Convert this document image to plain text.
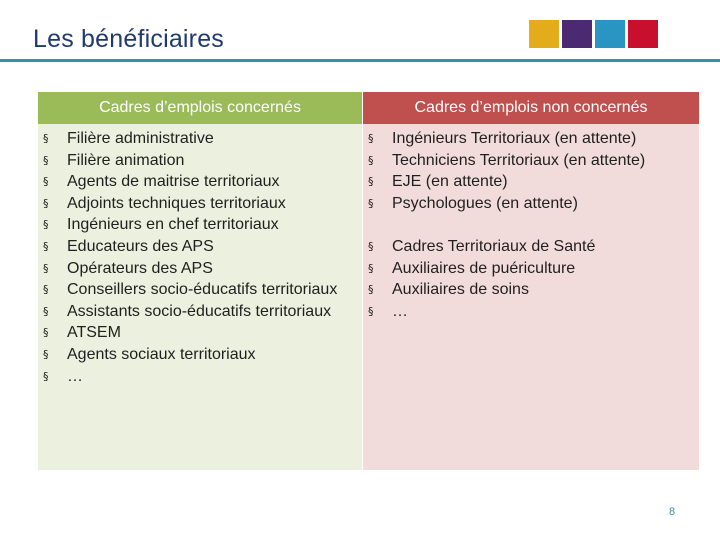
Les bénéficiaires
Cadres d’emplois concernés
§ Filière administrative
§ Filière animation
§ Agents de maitrise territoriaux
§ Adjoints techniques territoriaux
§ Ingénieurs en chef territoriaux
§ Educateurs des APS
§ Opérateurs des APS
§ Conseillers socio-éducatifs territoriaux
§ Assistants socio-éducatifs territoriaux
§ ATSEM
§ Agents sociaux territoriaux
§ …
Cadres d’emplois non concernés
§ Ingénieurs Territoriaux (en attente)
§ Techniciens Territoriaux (en attente)
§ EJE (en attente)
§ Psychologues (en attente)
§ Cadres Territoriaux de Santé
§ Auxiliaires de puériculture
§ Auxiliaires de soins
§ …
8
